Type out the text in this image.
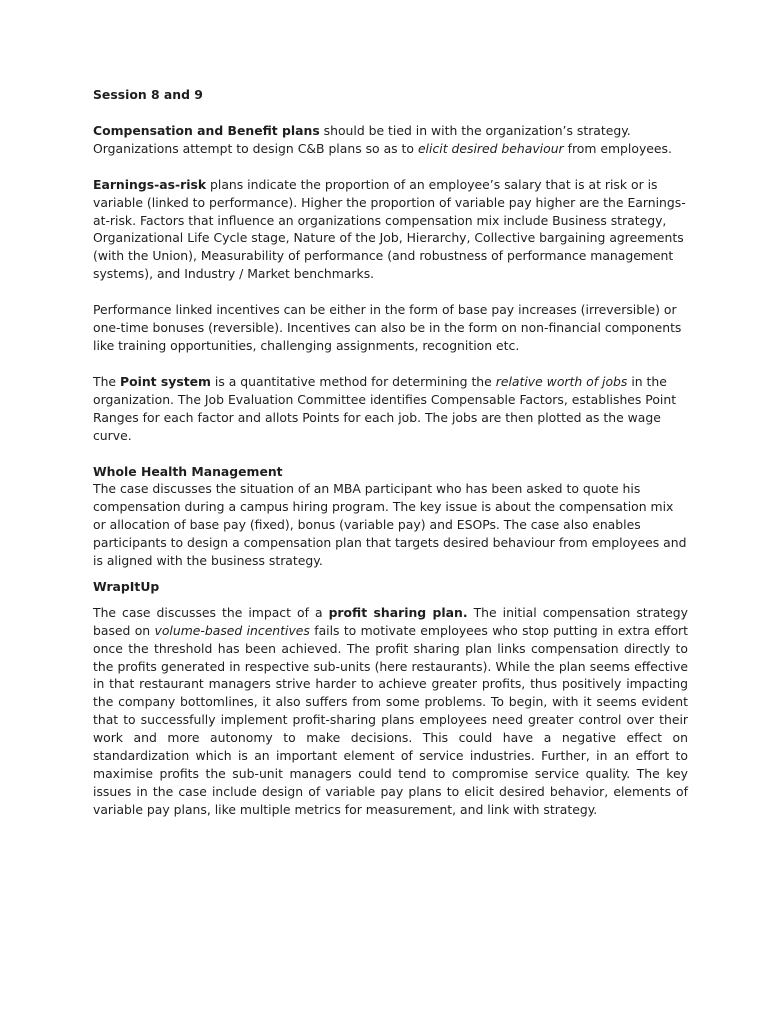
Session 8 and 9

Compensation and Benefit plans should be tied in with the organization’s strategy. Organizations attempt to design C&B plans so as to elicit desired behaviour from employees.

Earnings-as-risk plans indicate the proportion of an employee’s salary that is at risk or is variable (linked to performance). Higher the proportion of variable pay higher are the Earnings-at-risk. Factors that influence an organizations compensation mix include Business strategy, Organizational Life Cycle stage, Nature of the Job, Hierarchy, Collective bargaining agreements (with the Union), Measurability of performance (and robustness of performance management systems), and Industry / Market benchmarks.

Performance linked incentives can be either in the form of base pay increases (irreversible) or one-time bonuses (reversible). Incentives can also be in the form on non-financial components like training opportunities, challenging assignments, recognition etc.

The Point system is a quantitative method for determining the relative worth of jobs in the organization. The Job Evaluation Committee identifies Compensable Factors, establishes Point Ranges for each factor and allots Points for each job. The jobs are then plotted as the wage curve.

Whole Health Management

The case discusses the situation of an MBA participant who has been asked to quote his compensation during a campus hiring program. The key issue is about the compensation mix or allocation of base pay (fixed), bonus (variable pay) and ESOPs. The case also enables participants to design a compensation plan that targets desired behaviour from employees and is aligned with the business strategy.

WrapItUp

The case discusses the impact of a profit sharing plan. The initial compensation strategy based on volume-based incentives fails to motivate employees who stop putting in extra effort once the threshold has been achieved. The profit sharing plan links compensation directly to the profits generated in respective sub-units (here restaurants). While the plan seems effective in that restaurant managers strive harder to achieve greater profits, thus positively impacting the company bottomlines, it also suffers from some problems. To begin, with it seems evident that to successfully implement profit-sharing plans employees need greater control over their work and more autonomy to make decisions. This could have a negative effect on standardization which is an important element of service industries. Further, in an effort to maximise profits the sub-unit managers could tend to compromise service quality. The key issues in the case include design of variable pay plans to elicit desired behavior, elements of variable pay plans, like multiple metrics for measurement, and link with strategy.
